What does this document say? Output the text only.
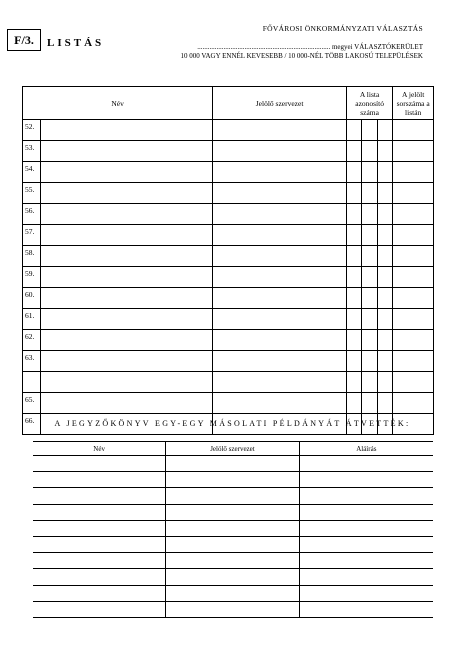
F/3.	LISTÁS
FŐVÁROSI ÖNKORMÁNYZATI VÁLASZTÁS
............................................................................ megyei VÁLASZTÓKERÜLET
10 000 VAGY ENNÉL KEVESEBB / 10 000-NÉL TÖBB LAKOSÚ TELEPÜLÉSEK
Név		Jelölő szervezet	A lista azonosító száma			A jelölt sorszáma a listán
52.						
53.						
54.						
55.						
56.						
57.						
58.						
59.						
60.						
61.						
62.						
63.						

65.						
66.							A JEGYZŐKÖNYV EGY-EGY MÁSOLATI PÉLDÁNYÁT ÁTVETTÉK:
Név	Jelölő szervezet	Aláírás
